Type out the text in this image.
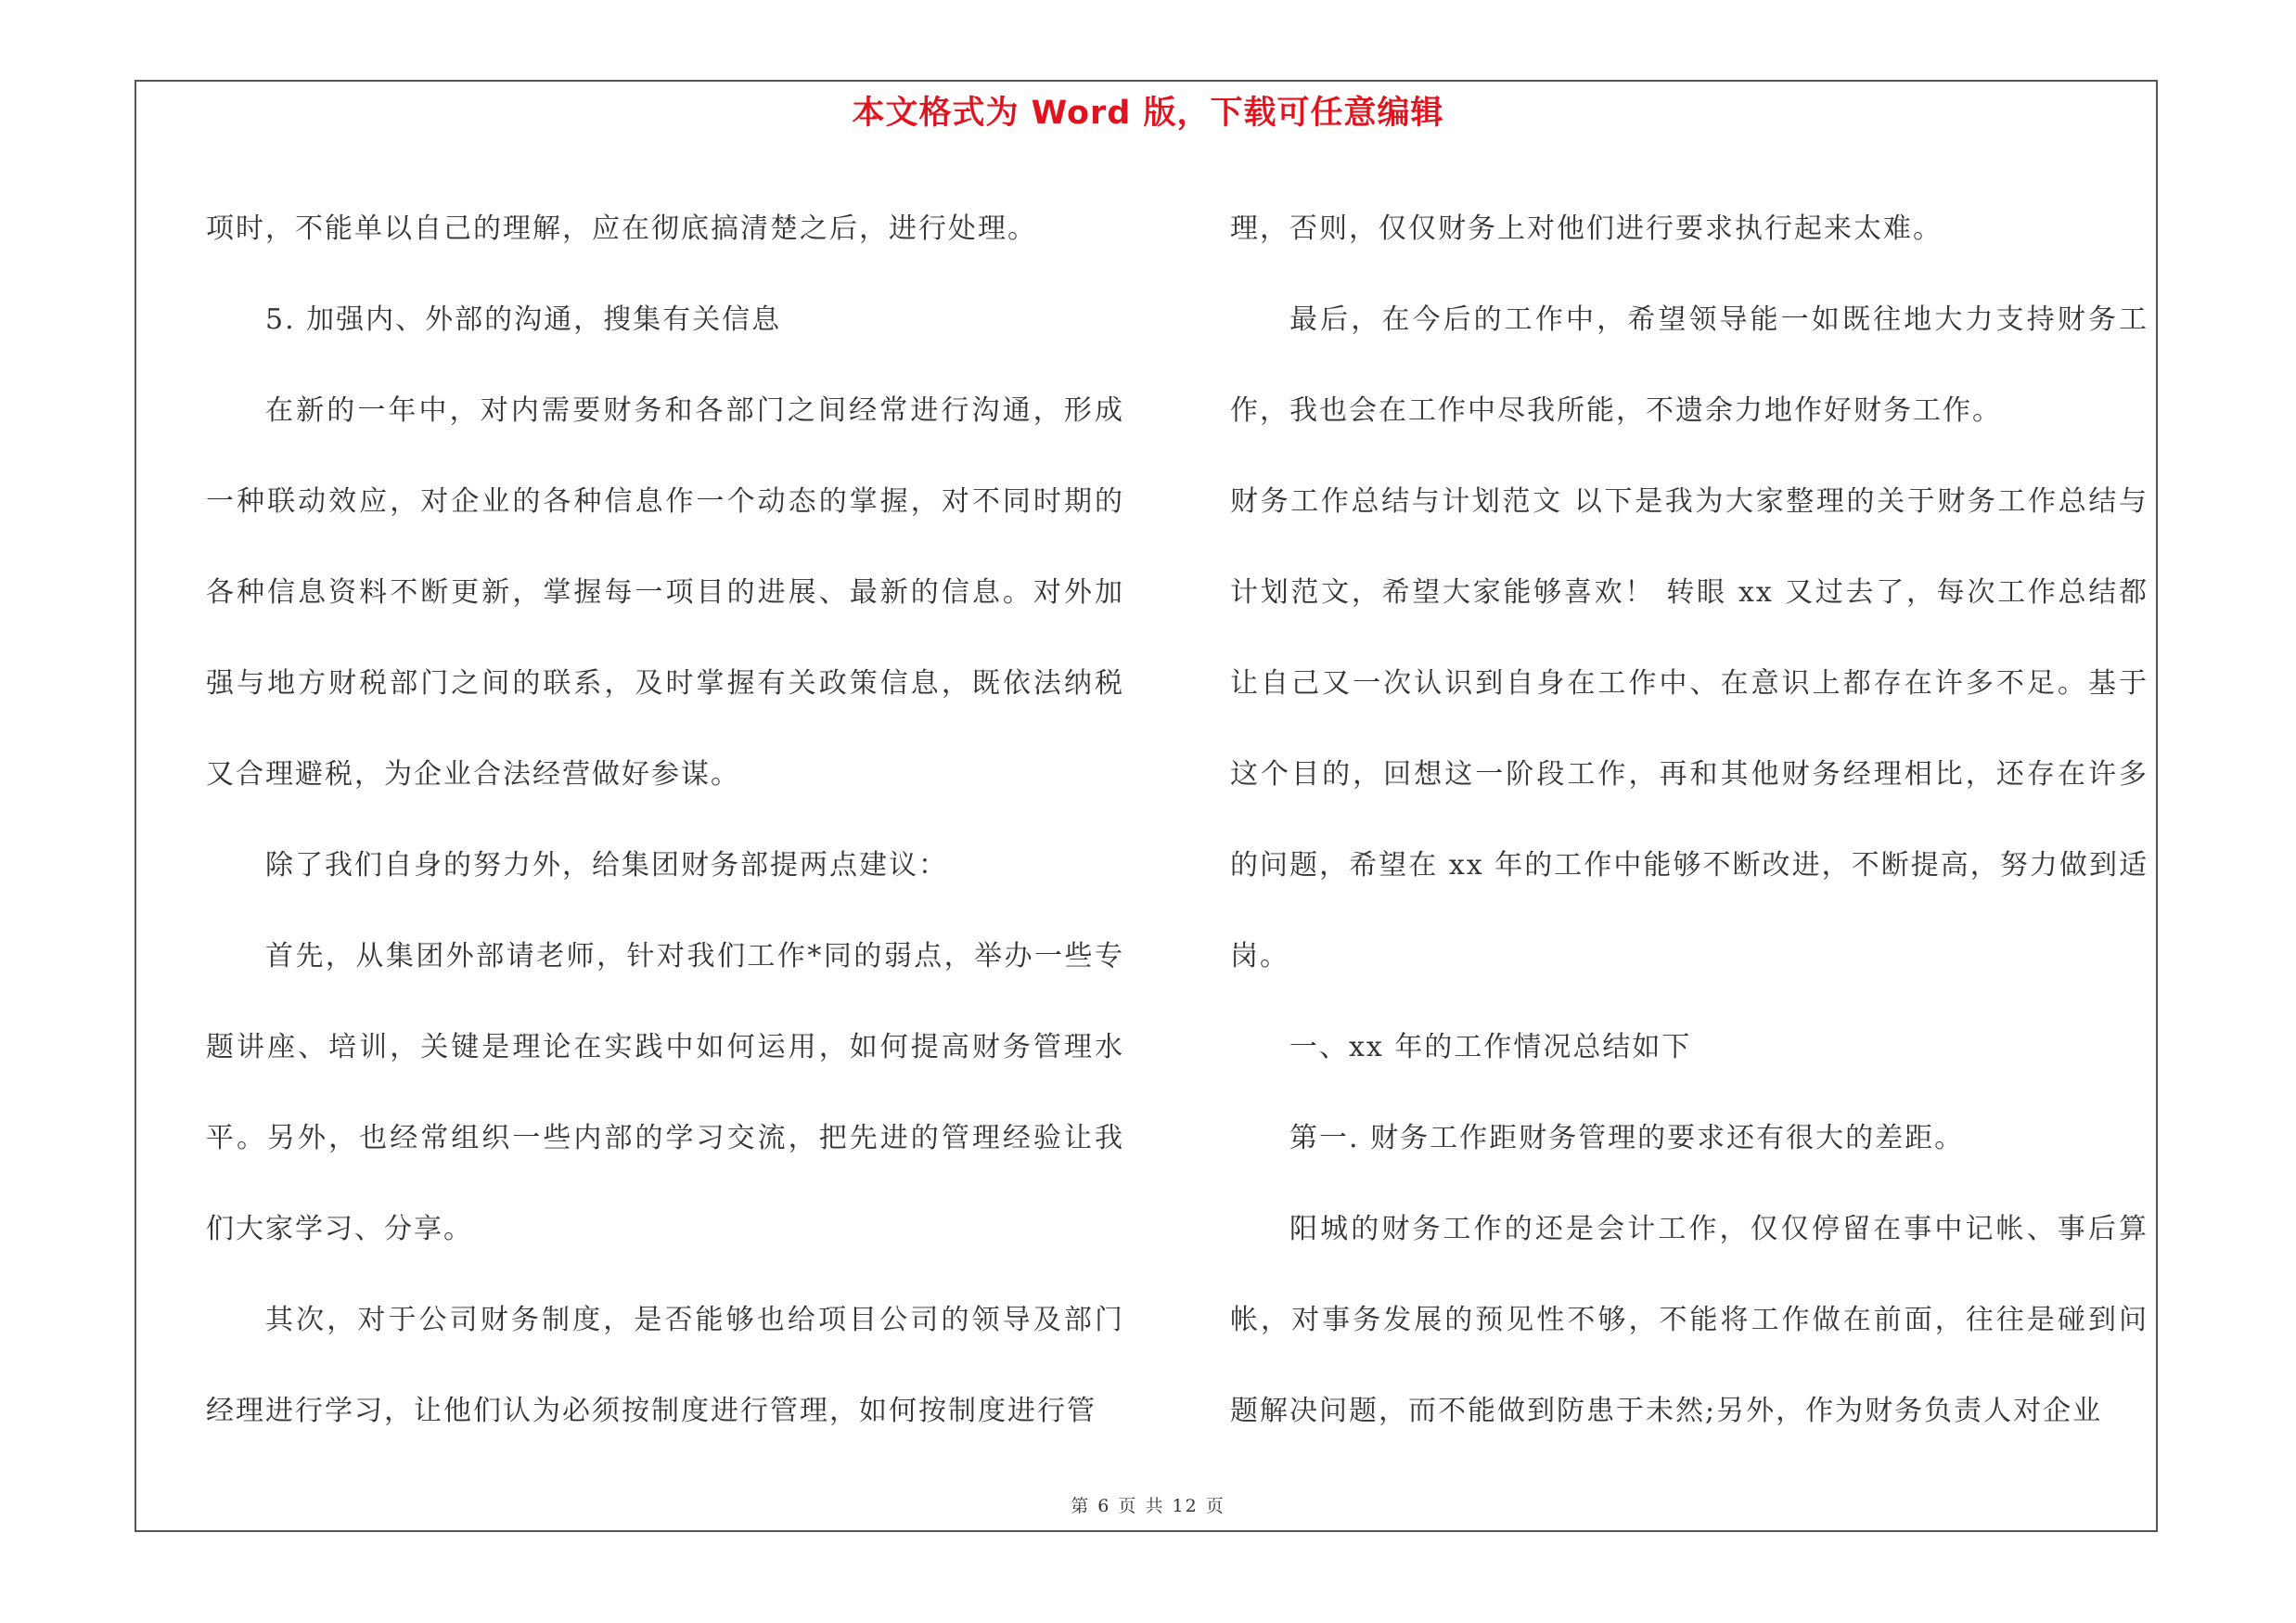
本文格式为 Word 版，下载可任意编辑

项时，不能单以自己的理解，应在彻底搞清楚之后，进行处理。

5. 加强内、外部的沟通，搜集有关信息

在新的一年中，对内需要财务和各部门之间经常进行沟通，形成一种联动效应，对企业的各种信息作一个动态的掌握，对不同时期的各种信息资料不断更新，掌握每一项目的进展、最新的信息。对外加强与地方财税部门之间的联系，及时掌握有关政策信息，既依法纳税又合理避税，为企业合法经营做好参谋。

除了我们自身的努力外，给集团财务部提两点建议：

首先，从集团外部请老师，针对我们工作*同的弱点，举办一些专题讲座、培训，关键是理论在实践中如何运用，如何提高财务管理水平。另外，也经常组织一些内部的学习交流，把先进的管理经验让我们大家学习、分享。

其次，对于公司财务制度，是否能够也给项目公司的领导及部门经理进行学习，让他们认为必须按制度进行管理，如何按制度进行管

理，否则，仅仅财务上对他们进行要求执行起来太难。

最后，在今后的工作中，希望领导能一如既往地大力支持财务工作，我也会在工作中尽我所能，不遗余力地作好财务工作。

财务工作总结与计划范文 以下是我为大家整理的关于财务工作总结与计划范文，希望大家能够喜欢！ 转眼 xx 又过去了，每次工作总结都让自己又一次认识到自身在工作中、在意识上都存在许多不足。基于这个目的，回想这一阶段工作，再和其他财务经理相比，还存在许多的问题，希望在 xx 年的工作中能够不断改进，不断提高，努力做到适岗。

一、xx 年的工作情况总结如下

第一. 财务工作距财务管理的要求还有很大的差距。

阳城的财务工作的还是会计工作，仅仅停留在事中记帐、事后算帐，对事务发展的预见性不够，不能将工作做在前面，往往是碰到问题解决问题，而不能做到防患于未然;另外，作为财务负责人对企业

第 6 页 共 12 页
